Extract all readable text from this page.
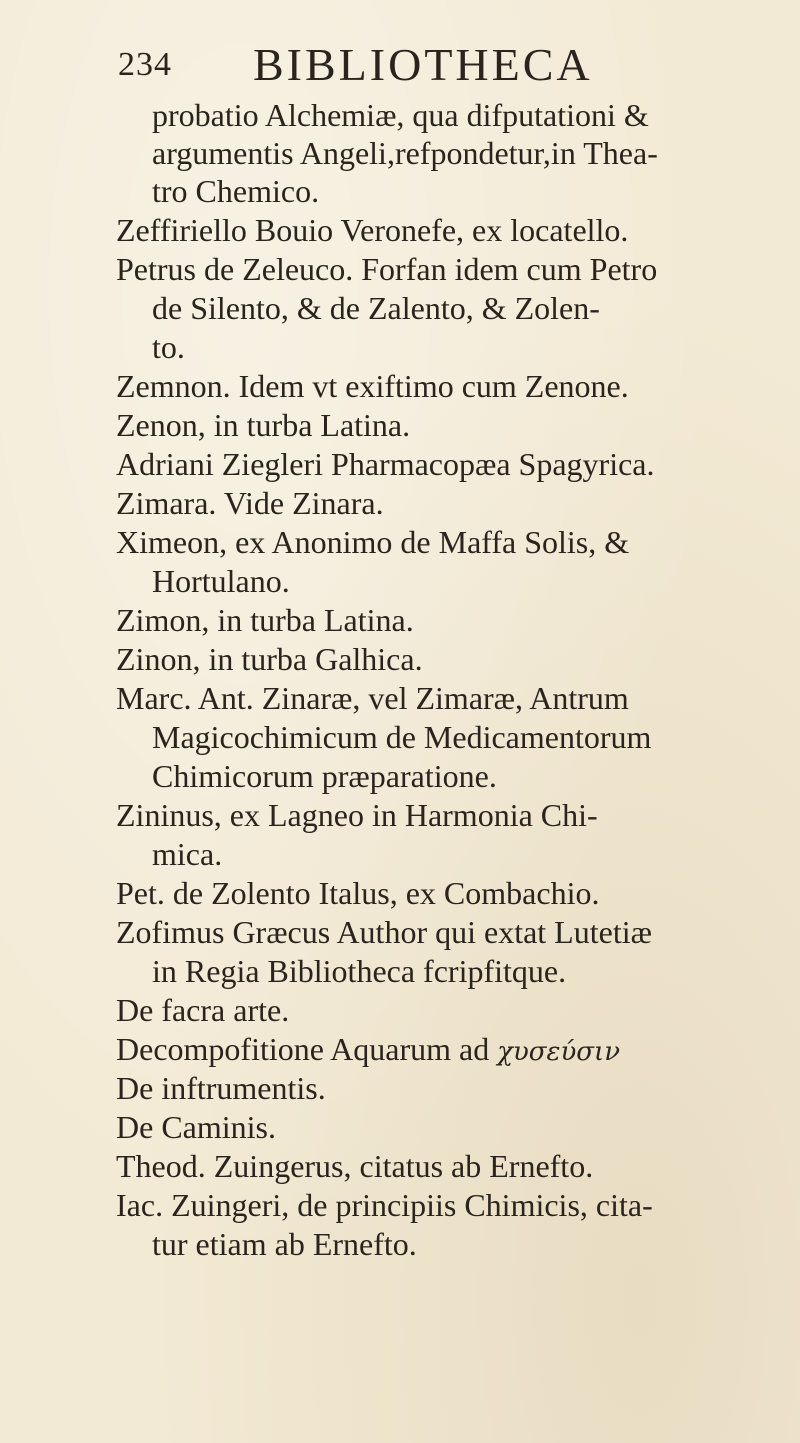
234 BIBLIOTHECA
probatio Alchemiæ, qua difputationi &
argumentis Angeli,refpondetur,in Thea-
tro Chemico.
Zeffiriello Bouio Veronefe, ex locatello.
Petrus de Zeleuco. Forfan idem cum Petro
de Silento, & de Zalento, & Zolen-
to.
Zemnon. Idem vt exiftimo cum Zenone.
Zenon, in turba Latina.
Adriani Ziegleri Pharmacopæa Spagyrica.
Zimara. Vide Zinara.
Ximeon, ex Anonimo de Maffa Solis, &
Hortulano.
Zimon, in turba Latina.
Zinon, in turba Galhica.
Marc. Ant. Zinaræ, vel Zimaræ, Antrum
Magicochimicum de Medicamentorum
Chimicorum præparatione.
Zininus, ex Lagneo in Harmonia Chi-
mica.
Pet. de Zolento Italus, ex Combachio.
Zofimus Græcus Author qui extat Lutetiæ
in Regia Bibliotheca fcripfitque.
De facra arte.
Decompofitione Aquarum ad χυσεύσιν
De inftrumentis.
De Caminis.
Theod. Zuingerus, citatus ab Ernefto.
Iac. Zuingeri, de principiis Chimicis, cita-
tur etiam ab Ernefto.
